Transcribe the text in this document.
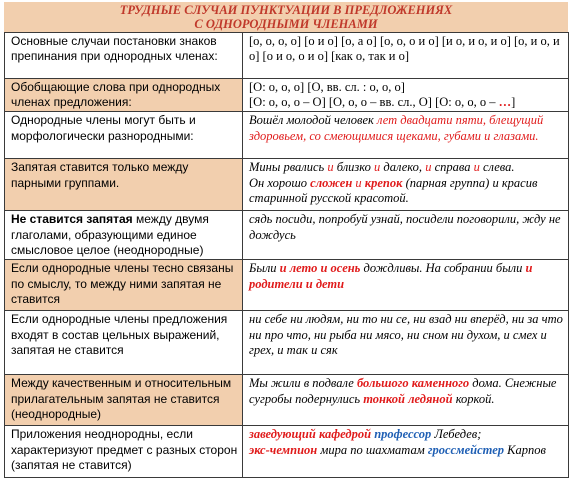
ТРУДНЫЕ СЛУЧАИ ПУНКТУАЦИИ В ПРЕДЛОЖЕНИЯХ
С ОДНОРОДНЫМИ ЧЛЕНАМИ
Основные случаи постановки знаков препинания при однородных членах:	[о, о, о, о] [о и о] [о, а о] [о, о, о и о] [и о, и о, и о] [о, и о, и о] [о и о, о и о] [как о, так и о]
Обобщающие слова при однородных членах предложения:	[O: о, о, о] [O, вв. сл. : о, о, о]
[O: о, о, о – O] [O, о, о – вв. сл., O] [O: о, о, о – …]
Однородные члены могут быть и морфологически разнородными:	Вошёл молодой человек лет двадцати пяти, блещущий здоровьем, со смеющимися щеками, губами и глазами.
Запятая ставится только между парными группами.	Мины рвались и близко и далеко, и справа и слева.
Он хорошо сложен и крепок (парная группа) и красив старинной русской красотой.
Не ставится запятая между двумя глаголами, образующими единое смысловое целое (неоднородные)	сядь посиди, попробуй узнай, посидели поговорили, жду не дождусь
Если однородные члены тесно связаны по смыслу, то между ними запятая не ставится	Были и лето и осень дождливы. На собрании были и родители и дети
Если однородные члены предложения входят в состав цельных выражений, запятая не ставится	ни себе ни людям, ни то ни се, ни взад ни вперёд, ни за что ни про что, ни рыба ни мясо, ни сном ни духом, и смех и грех, и так и сяк
Между качественным и относительным прилагательным запятая не ставится (неоднородные)	Мы жили в подвале большого каменного дома. Снежные сугробы подернулись тонкой ледяной коркой.
Приложения неоднородны, если характеризуют предмет с разных сторон (запятая не ставится)	заведующий кафедрой профессор Лебедев;
экс-чемпион мира по шахматам гроссмейстер Карпов
